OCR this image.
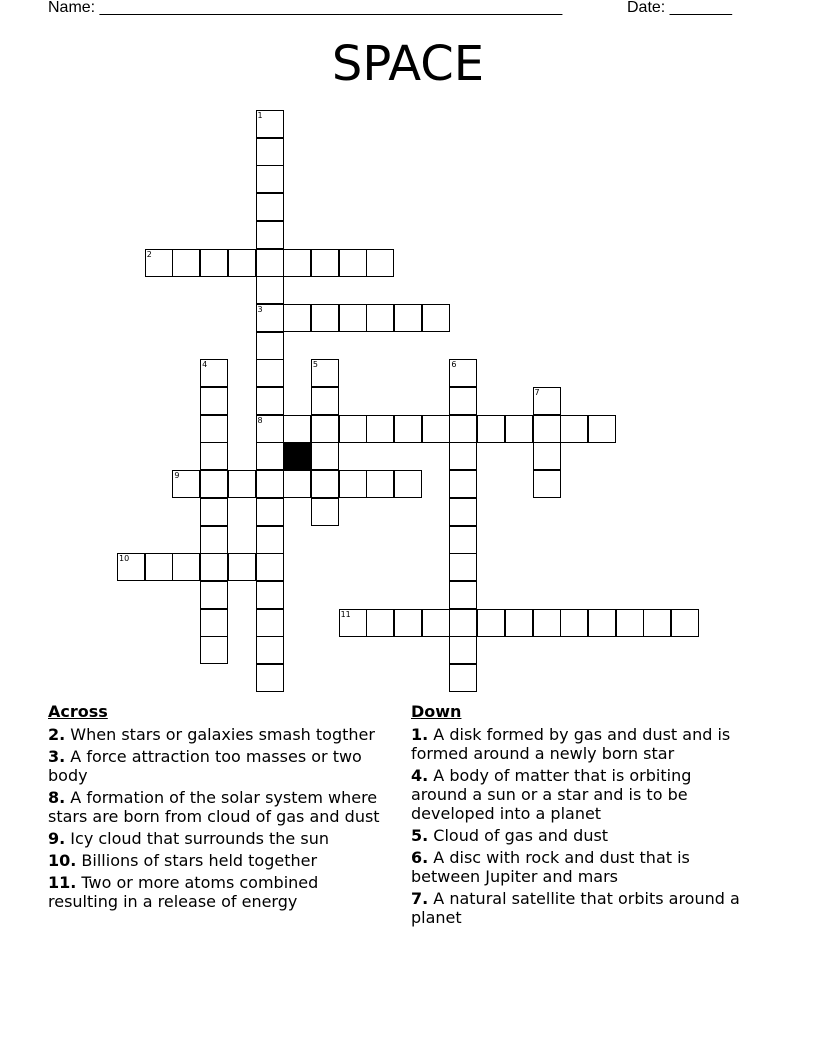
Name: ____________________________________________________	Date: _______
SPACE
1
3
8
2
4	5	6
7
9
10
11
Across
2. When stars or galaxies smash togther
3. A force attraction too masses or two body
8. A formation of the solar system where stars are born from cloud of gas and dust
9. Icy cloud that surrounds the sun
10. Billions of stars held together
11. Two or more atoms combined resulting in a release of energy
Down
1. A disk formed by gas and dust and is formed around a newly born star
4. A body of matter that is orbiting around a sun or a star and is to be developed into a planet
5. Cloud of gas and dust
6. A disc with rock and dust that is between Jupiter and mars
7. A natural satellite that orbits around a planet
